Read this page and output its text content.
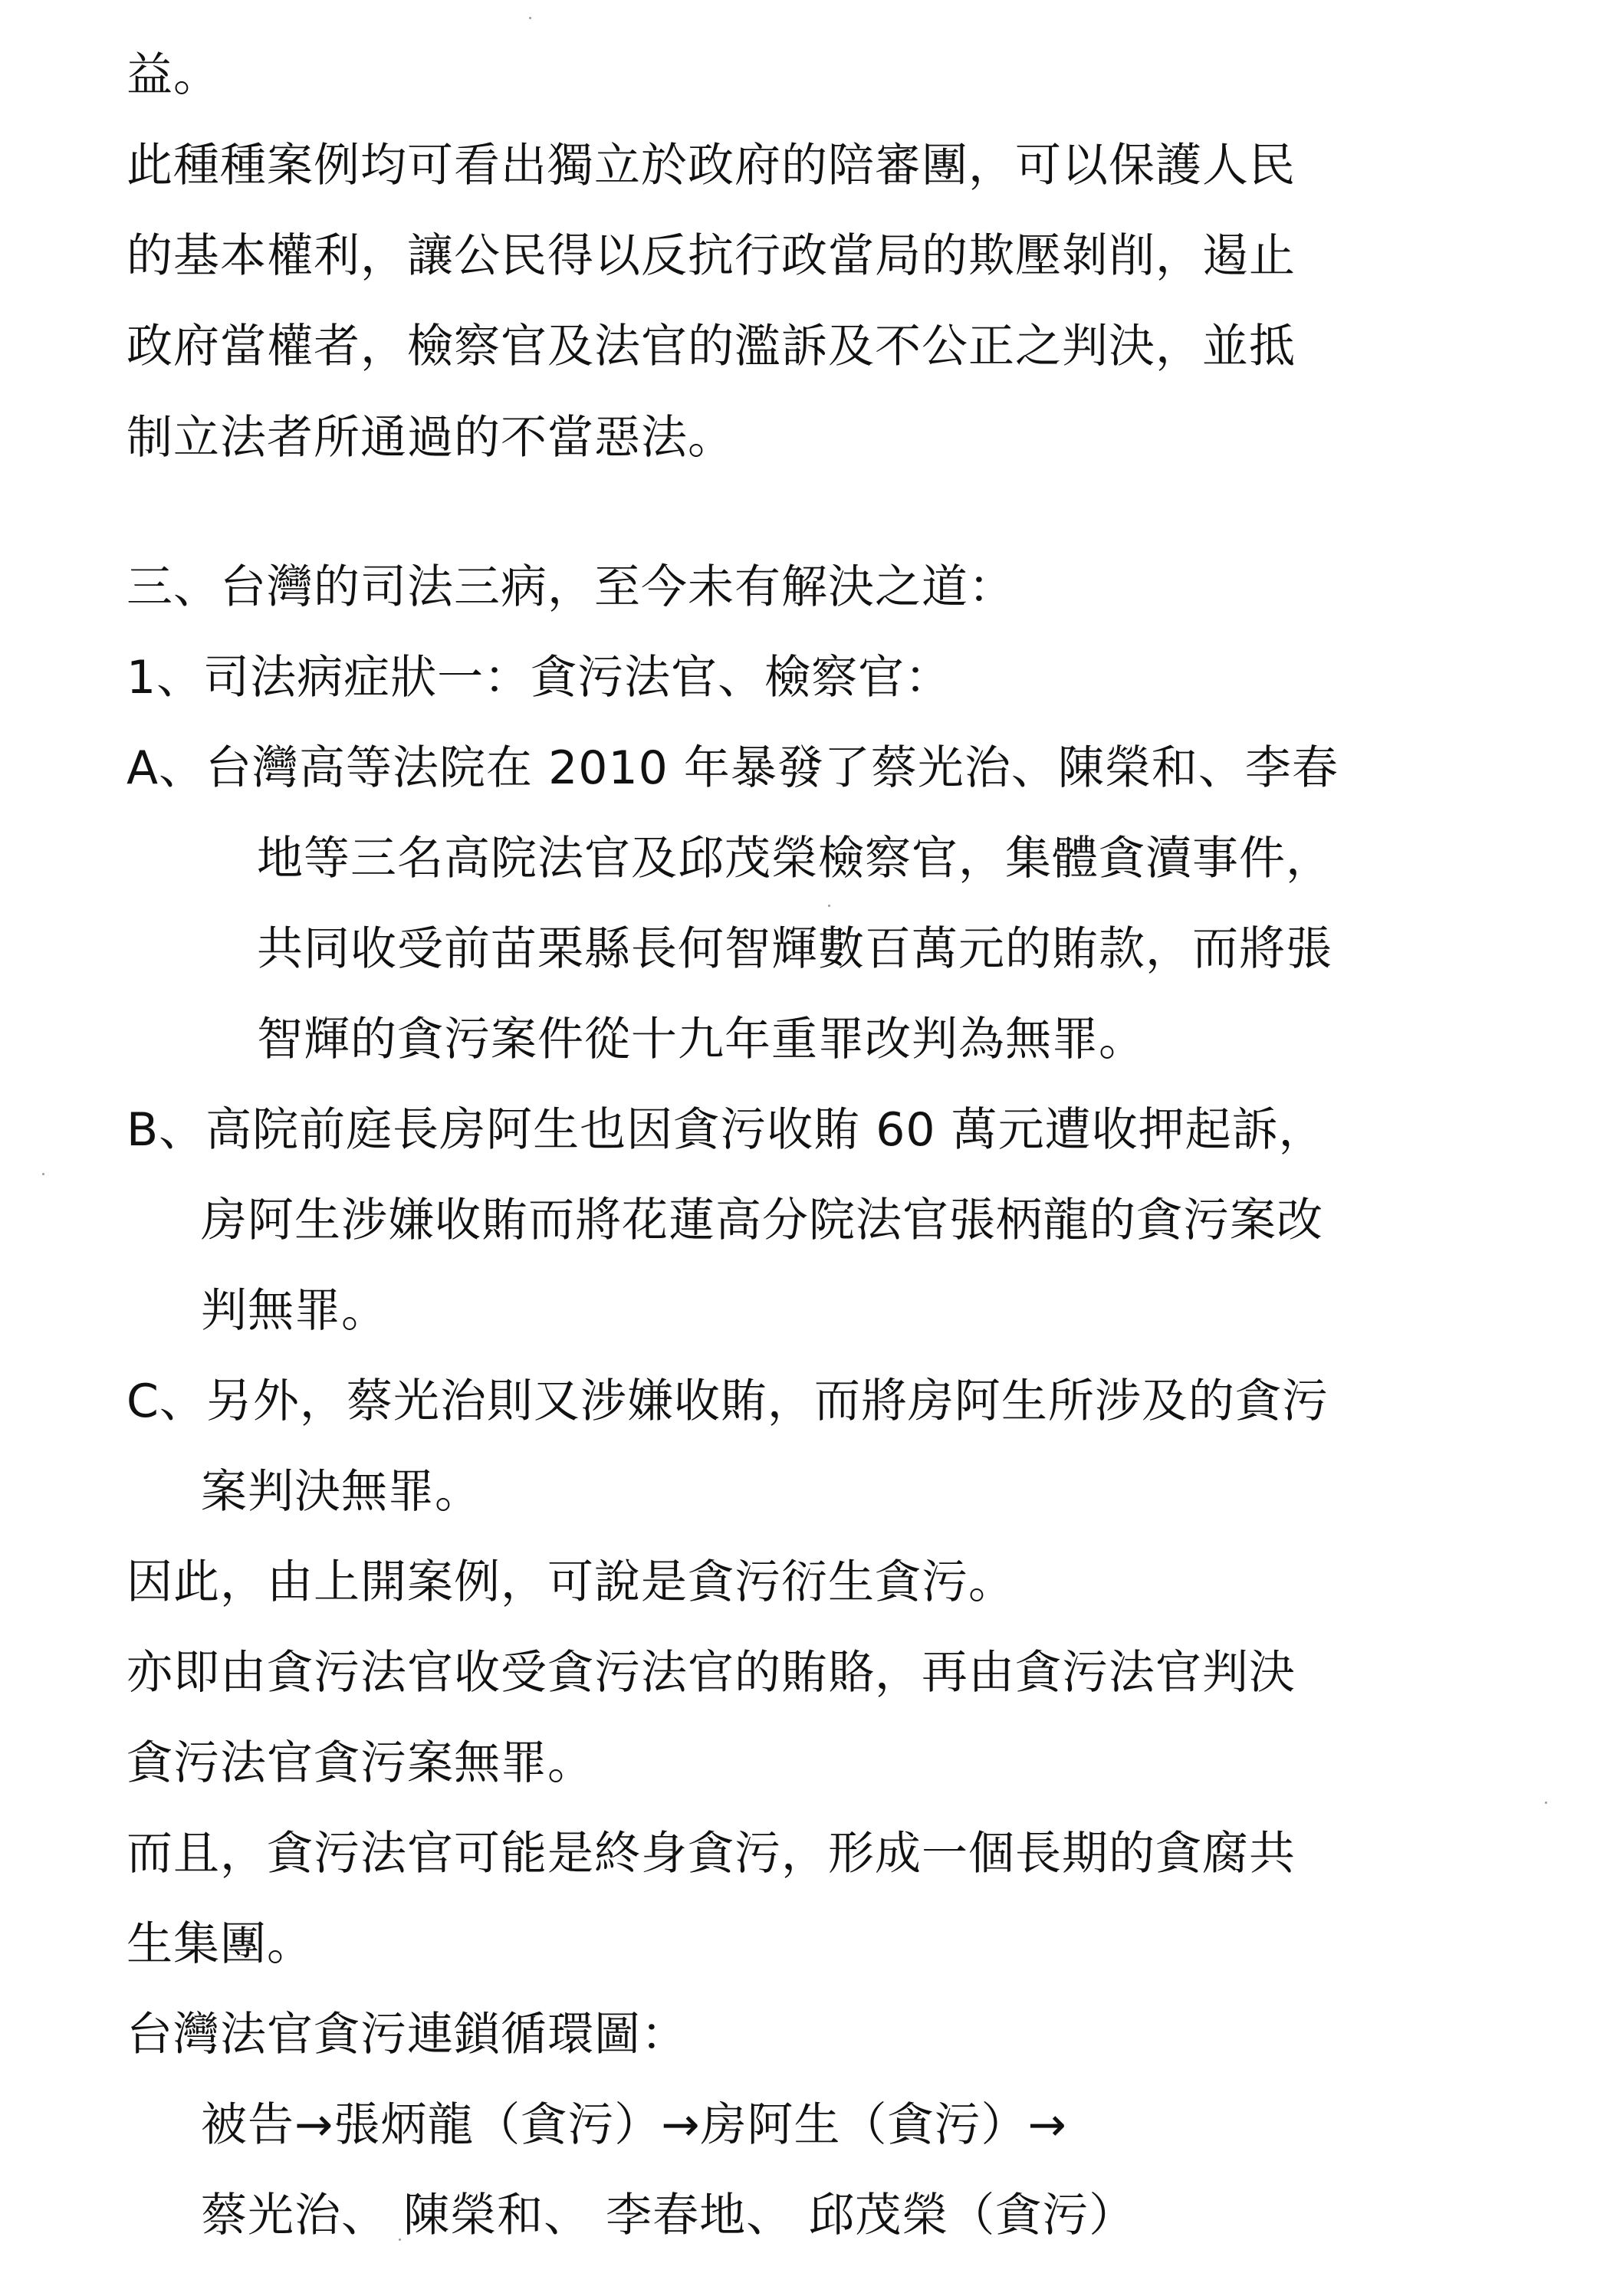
益。
此種種案例均可看出獨立於政府的陪審團，可以保護人民
的基本權利，讓公民得以反抗行政當局的欺壓剝削，遏止
政府當權者，檢察官及法官的濫訴及不公正之判決，並抵
制立法者所通過的不當惡法。
三、台灣的司法三病，至今未有解決之道：
1、司法病症狀一：貪污法官、檢察官：
A、台灣高等法院在 2010 年暴發了蔡光治、陳榮和、李春
地等三名高院法官及邱茂榮檢察官，集體貪瀆事件，
共同收受前苗栗縣長何智輝數百萬元的賄款，而將張
智輝的貪污案件從十九年重罪改判為無罪。
B、高院前庭長房阿生也因貪污收賄 60 萬元遭收押起訴，
房阿生涉嫌收賄而將花蓮高分院法官張柄龍的貪污案改
判無罪。
C、另外，蔡光治則又涉嫌收賄，而將房阿生所涉及的貪污
案判決無罪。
因此，由上開案例，可說是貪污衍生貪污。
亦即由貪污法官收受貪污法官的賄賂，再由貪污法官判決
貪污法官貪污案無罪。
而且，貪污法官可能是終身貪污，形成一個長期的貪腐共
生集團。
台灣法官貪污連鎖循環圖：
被告→張炳龍（貪污）→房阿生（貪污）→
蔡光治、 陳榮和、 李春地、 邱茂榮（貪污）
